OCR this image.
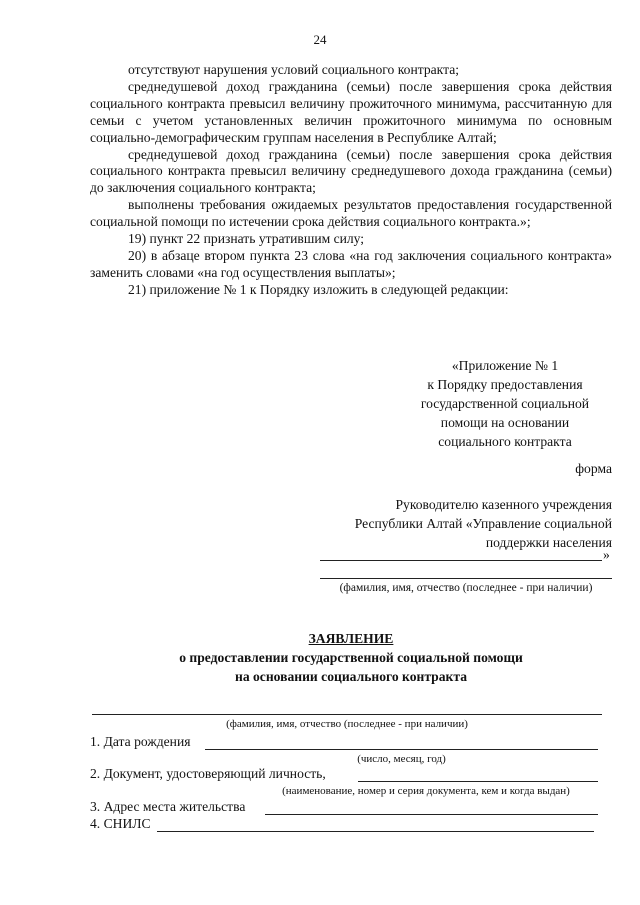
24

отсутствуют нарушения условий социального контракта;

среднедушевой доход гражданина (семьи) после завершения срока действия социального контракта превысил величину прожиточного минимума, рассчитанную для семьи с учетом установленных величин прожиточного минимума по основным социально-демографическим группам населения в Республике Алтай;

среднедушевой доход гражданина (семьи) после завершения срока действия социального контракта превысил величину среднедушевого дохода гражданина (семьи) до заключения социального контракта;

выполнены требования ожидаемых результатов предоставления государственной социальной помощи по истечении срока действия социального контракта.»;

19) пункт 22 признать утратившим силу;

20) в абзаце втором пункта 23 слова «на год заключения социального контракта» заменить словами «на год осуществления выплаты»;

21) приложение № 1 к Порядку изложить в следующей редакции:

«Приложение № 1
к Порядку предоставления
государственной социальной
помощи на основании
социального контракта
форма
Руководителю казенного учреждения
Республики Алтай «Управление социальной
поддержки населения
»
(фамилия, имя, отчество (последнее - при наличии)
ЗАЯВЛЕНИЕ
о предоставлении государственной социальной помощи
на основании социального контракта
(фамилия, имя, отчество (последнее - при наличии)
1. Дата рождения
(число, месяц, год)
2. Документ, удостоверяющий личность,
(наименование, номер и серия документа, кем и когда выдан)
3. Адрес места жительства
4. СНИЛС
